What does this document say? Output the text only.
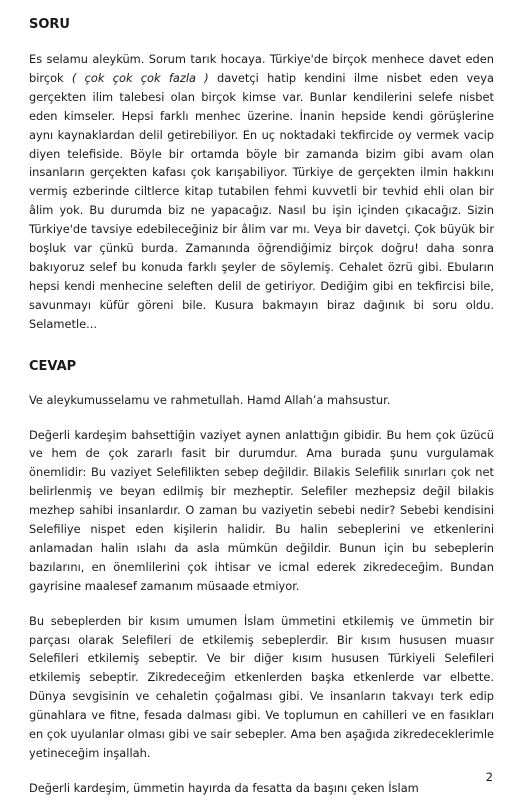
SORU

Es selamu aleyküm. Sorum tarık hocaya. Türkiye'de birçok menhece davet eden birçok ( çok çok çok fazla ) davetçi hatip kendini ilme nisbet eden veya gerçekten ilim talebesi olan birçok kimse var. Bunlar kendilerini selefe nisbet eden kimseler. Hepsi farklı menhec üzerine. İnanin hepside kendi görüşlerine aynı kaynaklardan delil getirebiliyor. En uç noktadaki tekfircide oy vermek vacip diyen telefiside. Böyle bir ortamda böyle bir zamanda bizim gibi avam olan insanların gerçekten kafası çok karışabiliyor. Türkiye de gerçekten ilmin hakkını vermiş ezberinde ciltlerce kitap tutabilen fehmi kuvvetli bir tevhid ehli olan bir âlim yok. Bu durumda biz ne yapacağız. Nasıl bu işin içinden çıkacağız. Sizin Türkiye'de tavsiye edebileceğiniz bir âlim var mı. Veya bir davetçi. Çok büyük bir boşluk var çünkü burda. Zamanında öğrendiğimiz birçok doğru! daha sonra bakıyoruz selef bu konuda farklı şeyler de söylemiş. Cehalet özrü gibi. Ebuların hepsi kendi menhecine seleften delil de getiriyor. Dediğim gibi en tekfircisi bile, savunmayı küfür göreni bile. Kusura bakmayın biraz dağınık bi soru oldu. Selametle...

CEVAP

Ve aleykumusselamu ve rahmetullah. Hamd Allah’a mahsustur.

Değerli kardeşim bahsettiğin vaziyet aynen anlattığın gibidir. Bu hem çok üzücü ve hem de çok zararlı fasit bir durumdur. Ama burada şunu vurgulamak önemlidir: Bu vaziyet Selefilikten sebep değildir. Bilakis Selefilik sınırları çok net belirlenmiş ve beyan edilmiş bir mezheptir. Selefiler mezhepsiz değil bilakis mezhep sahibi insanlardır. O zaman bu vaziyetin sebebi nedir? Sebebi kendisini Selefiliye nispet eden kişilerin halidir. Bu halin sebeplerini ve etkenlerini anlamadan halin ıslahı da asla mümkün değildir. Bunun için bu sebeplerin bazılarını, en önemlilerini çok ihtisar ve icmal ederek zikredeceğim. Bundan gayrisine maalesef zamanım müsaade etmiyor.

Bu sebeplerden bir kısım umumen İslam ümmetini etkilemiş ve ümmetin bir parçası olarak Selefileri de etkilemiş sebeplerdir. Bir kısım hususen muasır Selefileri etkilemiş sebeptir. Ve bir diğer kısım hususen Türkiyeli Selefileri etkilemiş sebeptir. Zikredeceğim etkenlerden başka etkenlerde var elbette. Dünya sevgisinin ve cehaletin çoğalması gibi. Ve insanların takvayı terk edip günahlara ve fitne, fesada dalması gibi. Ve toplumun en cahilleri ve en fasıkları en çok uyulanlar olması gibi ve sair sebepler. Ama ben aşağıda zikredeceklerimle yetineceğim inşallah.

Değerli kardeşim, ümmetin hayırda da fesatta da başını çeken İslam

2
